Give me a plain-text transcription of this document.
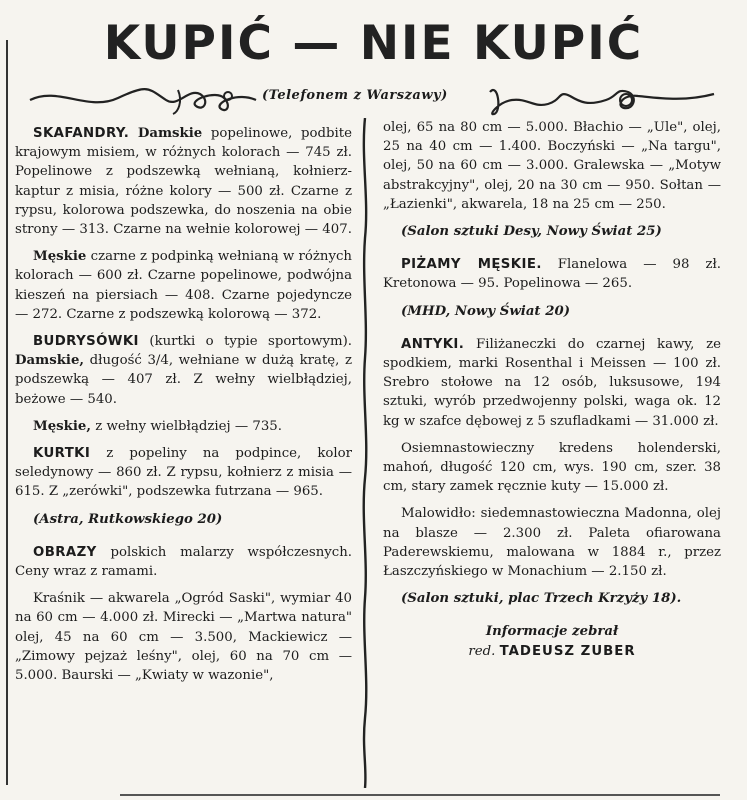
KUPIĆ — NIE KUPIĆ
(Telefonem z Warszawy)

SKAFANDRY. Damskie popelinowe, podbite krajowym misiem, w różnych kolorach — 745 zł. Popelinowe z podszewką wełnianą, kołnierz-kaptur z misia, różne kolory — 500 zł. Czarne z rypsu, kolorowa podszewka, do noszenia na obie strony — 313. Czarne na wełnie kolorowej — 407.

Męskie czarne z podpinką wełnianą w różnych kolorach — 600 zł. Czarne popelinowe, podwójna kieszeń na piersiach — 408. Czarne pojedyncze — 272. Czarne z podszewką kolorową — 372.

BUDRYSÓWKI (kurtki o typie sportowym). Damskie, długość 3/4, wełniane w dużą kratę, z podszewką — 407 zł. Z wełny wielbłądziej, beżowe — 540.

Męskie, z wełny wielbłądziej — 735.

KURTKI z popeliny na podpince, kolor seledynowy — 860 zł. Z rypsu, kołnierz z misia — 615. Z „zerówki", podszewka futrzana — 965.

(Astra, Rutkowskiego 20)

OBRAZY polskich malarzy współczesnych. Ceny wraz z ramami.

Kraśnik — akwarela „Ogród Saski", wymiar 40 na 60 cm — 4.000 zł. Mirecki — „Martwa natura" olej, 45 na 60 cm — 3.500, Mackiewicz — „Zimowy pejzaż leśny", olej, 60 na 70 cm — 5.000. Baurski — „Kwiaty w wazonie",

olej, 65 na 80 cm — 5.000. Błachio — „Ule", olej, 25 na 40 cm — 1.400. Boczyński — „Na targu", olej, 50 na 60 cm — 3.000. Gralewska — „Motyw abstrakcyjny", olej, 20 na 30 cm — 950. Sołtan — „Łazienki", akwarela, 18 na 25 cm — 250.

(Salon sztuki Desy, Nowy Świat 25)

PIŻAMY MĘSKIE. Flanelowa — 98 zł. Kretonowa — 95. Popelinowa — 265.

(MHD, Nowy Świat 20)

ANTYKI. Filiżaneczki do czarnej kawy, ze spodkiem, marki Rosenthal i Meissen — 100 zł. Srebro stołowe na 12 osób, luksusowe, 194 sztuki, wyrób przedwojenny polski, waga ok. 12 kg w szafce dębowej z 5 szufladkami — 31.000 zł.

Osiemnastowieczny kredens holenderski, mahoń, długość 120 cm, wys. 190 cm, szer. 38 cm, stary zamek ręcznie kuty — 15.000 zł.

Malowidło: siedemnastowieczna Madonna, olej na blasze — 2.300 zł. Paleta ofiarowana Paderewskiemu, malowana w 1884 r., przez Łaszczyńskiego w Monachium — 2.150 zł.

(Salon sztuki, plac Trzech Krzyży 18).

Informacje zebrał
red. TADEUSZ ZUBER
